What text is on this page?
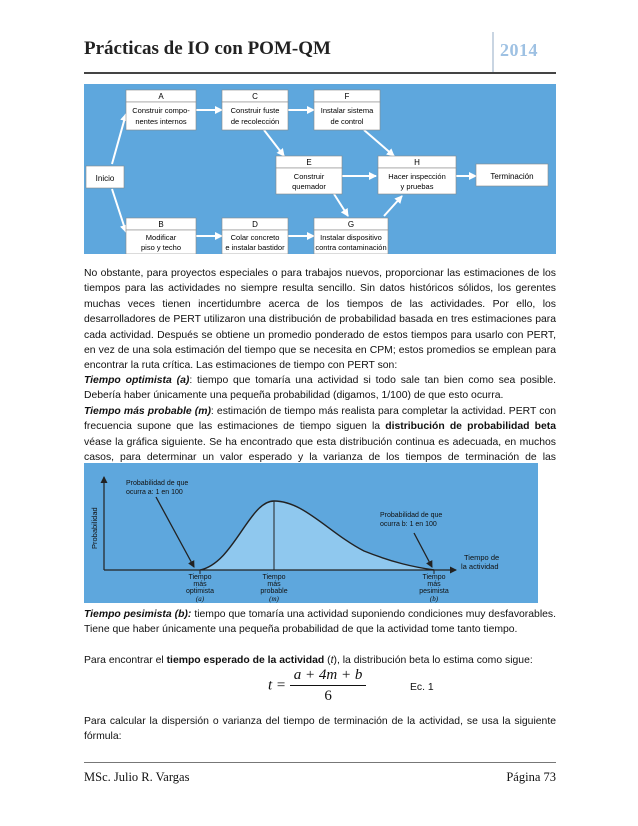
Prácticas de IO con POM-QM	2014
Inicio	Terminación
A
Construir compo-
nentes internos
C
Construir fuste
de recolección
F
Instalar sistema
de control
E
Construir
quemador
H
Hacer inspección
y pruebas
B
Modificar
piso y techo
D
Colar concreto
e instalar bastidor
G
Instalar dispositivo
contra contaminación
No obstante, para proyectos especiales o para trabajos nuevos, proporcionar las estimaciones de los tiempos para las actividades no siempre resulta sencillo. Sin datos históricos sólidos, los gerentes muchas veces tienen incertidumbre acerca de los tiempos de las actividades. Por ello, los desarrolladores de PERT utilizaron una distribución de probabilidad basada en tres estimaciones para cada actividad. Después se obtiene un promedio ponderado de estos tiempos para usarlo con PERT, en vez de una sola estimación del tiempo que se necesita en CPM; estos promedios se emplean para encontrar la ruta crítica. Las estimaciones de tiempo con PERT son:
Tiempo optimista (a): tiempo que tomaría una actividad si todo sale tan bien como sea posible. Debería haber únicamente una pequeña probabilidad (digamos, 1/100) de que esto ocurra.
Tiempo más probable (m): estimación de tiempo más realista para completar la actividad. PERT con frecuencia supone que las estimaciones de tiempo siguen la distribución de probabilidad beta véase la gráfica siguiente. Se ha encontrado que esta distribución continua es adecuada, en muchos casos, para determinar un valor esperado y la varianza de los tiempos de terminación de las
Probabilidad
Probabilidad de que
ocurra a: 1 en 100
Probabilidad de que
ocurra b: 1 en 100
Tiempo de
la actividad
Tiempo
más
optimista
(a)
Tiempo
más
probable
(m)
Tiempo
más
pesimista
(b)
Tiempo pesimista (b): tiempo que tomaría una actividad suponiendo condiciones muy desfavorables. Tiene que haber únicamente una pequeña probabilidad de que la actividad tome tanto tiempo.
Para encontrar el tiempo esperado de la actividad (t), la distribución beta lo estima como sigue:
$t = \frac{a + 4m + b}{6}$	Ec. 1
Para calcular la dispersión o varianza del tiempo de terminación de la actividad, se usa la siguiente fórmula:
MSc. Julio R. Vargas	Página 73
